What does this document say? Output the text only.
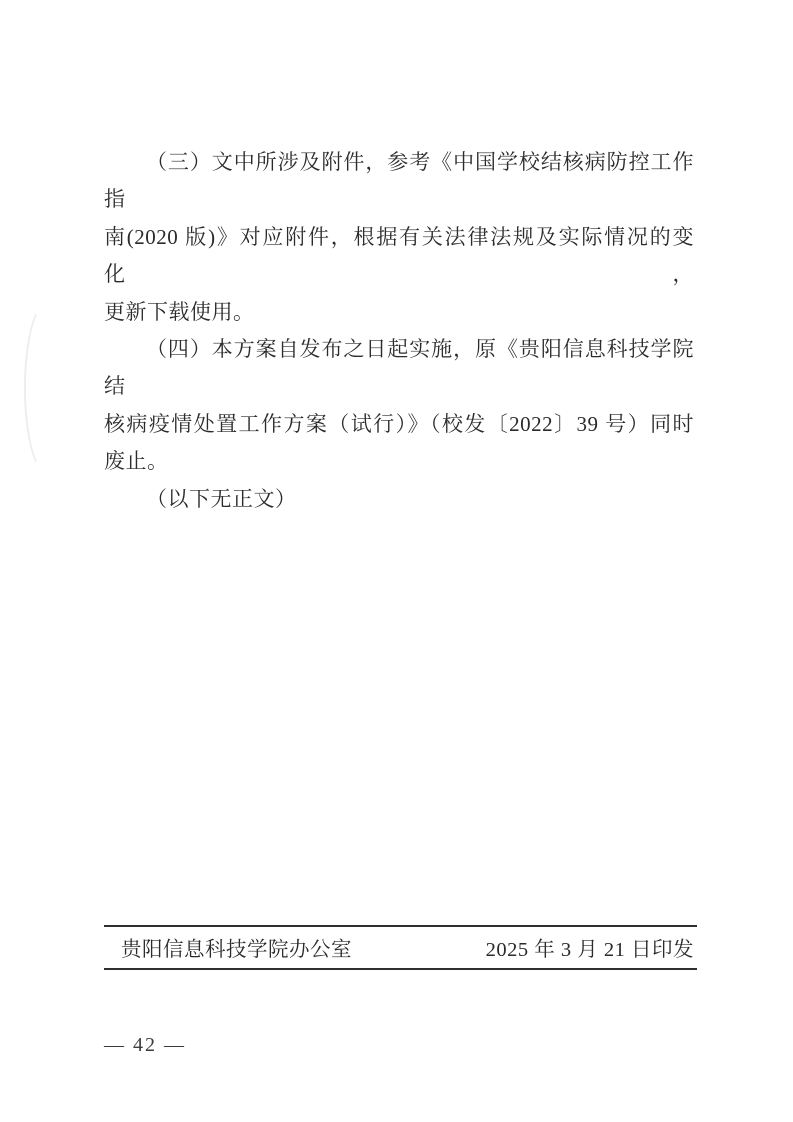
（三）文中所涉及附件，参考《中国学校结核病防控工作指
南(2020 版)》对应附件，根据有关法律法规及实际情况的变化，
更新下载使用。
（四）本方案自发布之日起实施，原《贵阳信息科技学院结
核病疫情处置工作方案（试行）》（校发〔2022〕39 号）同时
废止。
（以下无正文）
贵阳信息科技学院办公室	2025 年 3 月 21 日印发
— 42 —
